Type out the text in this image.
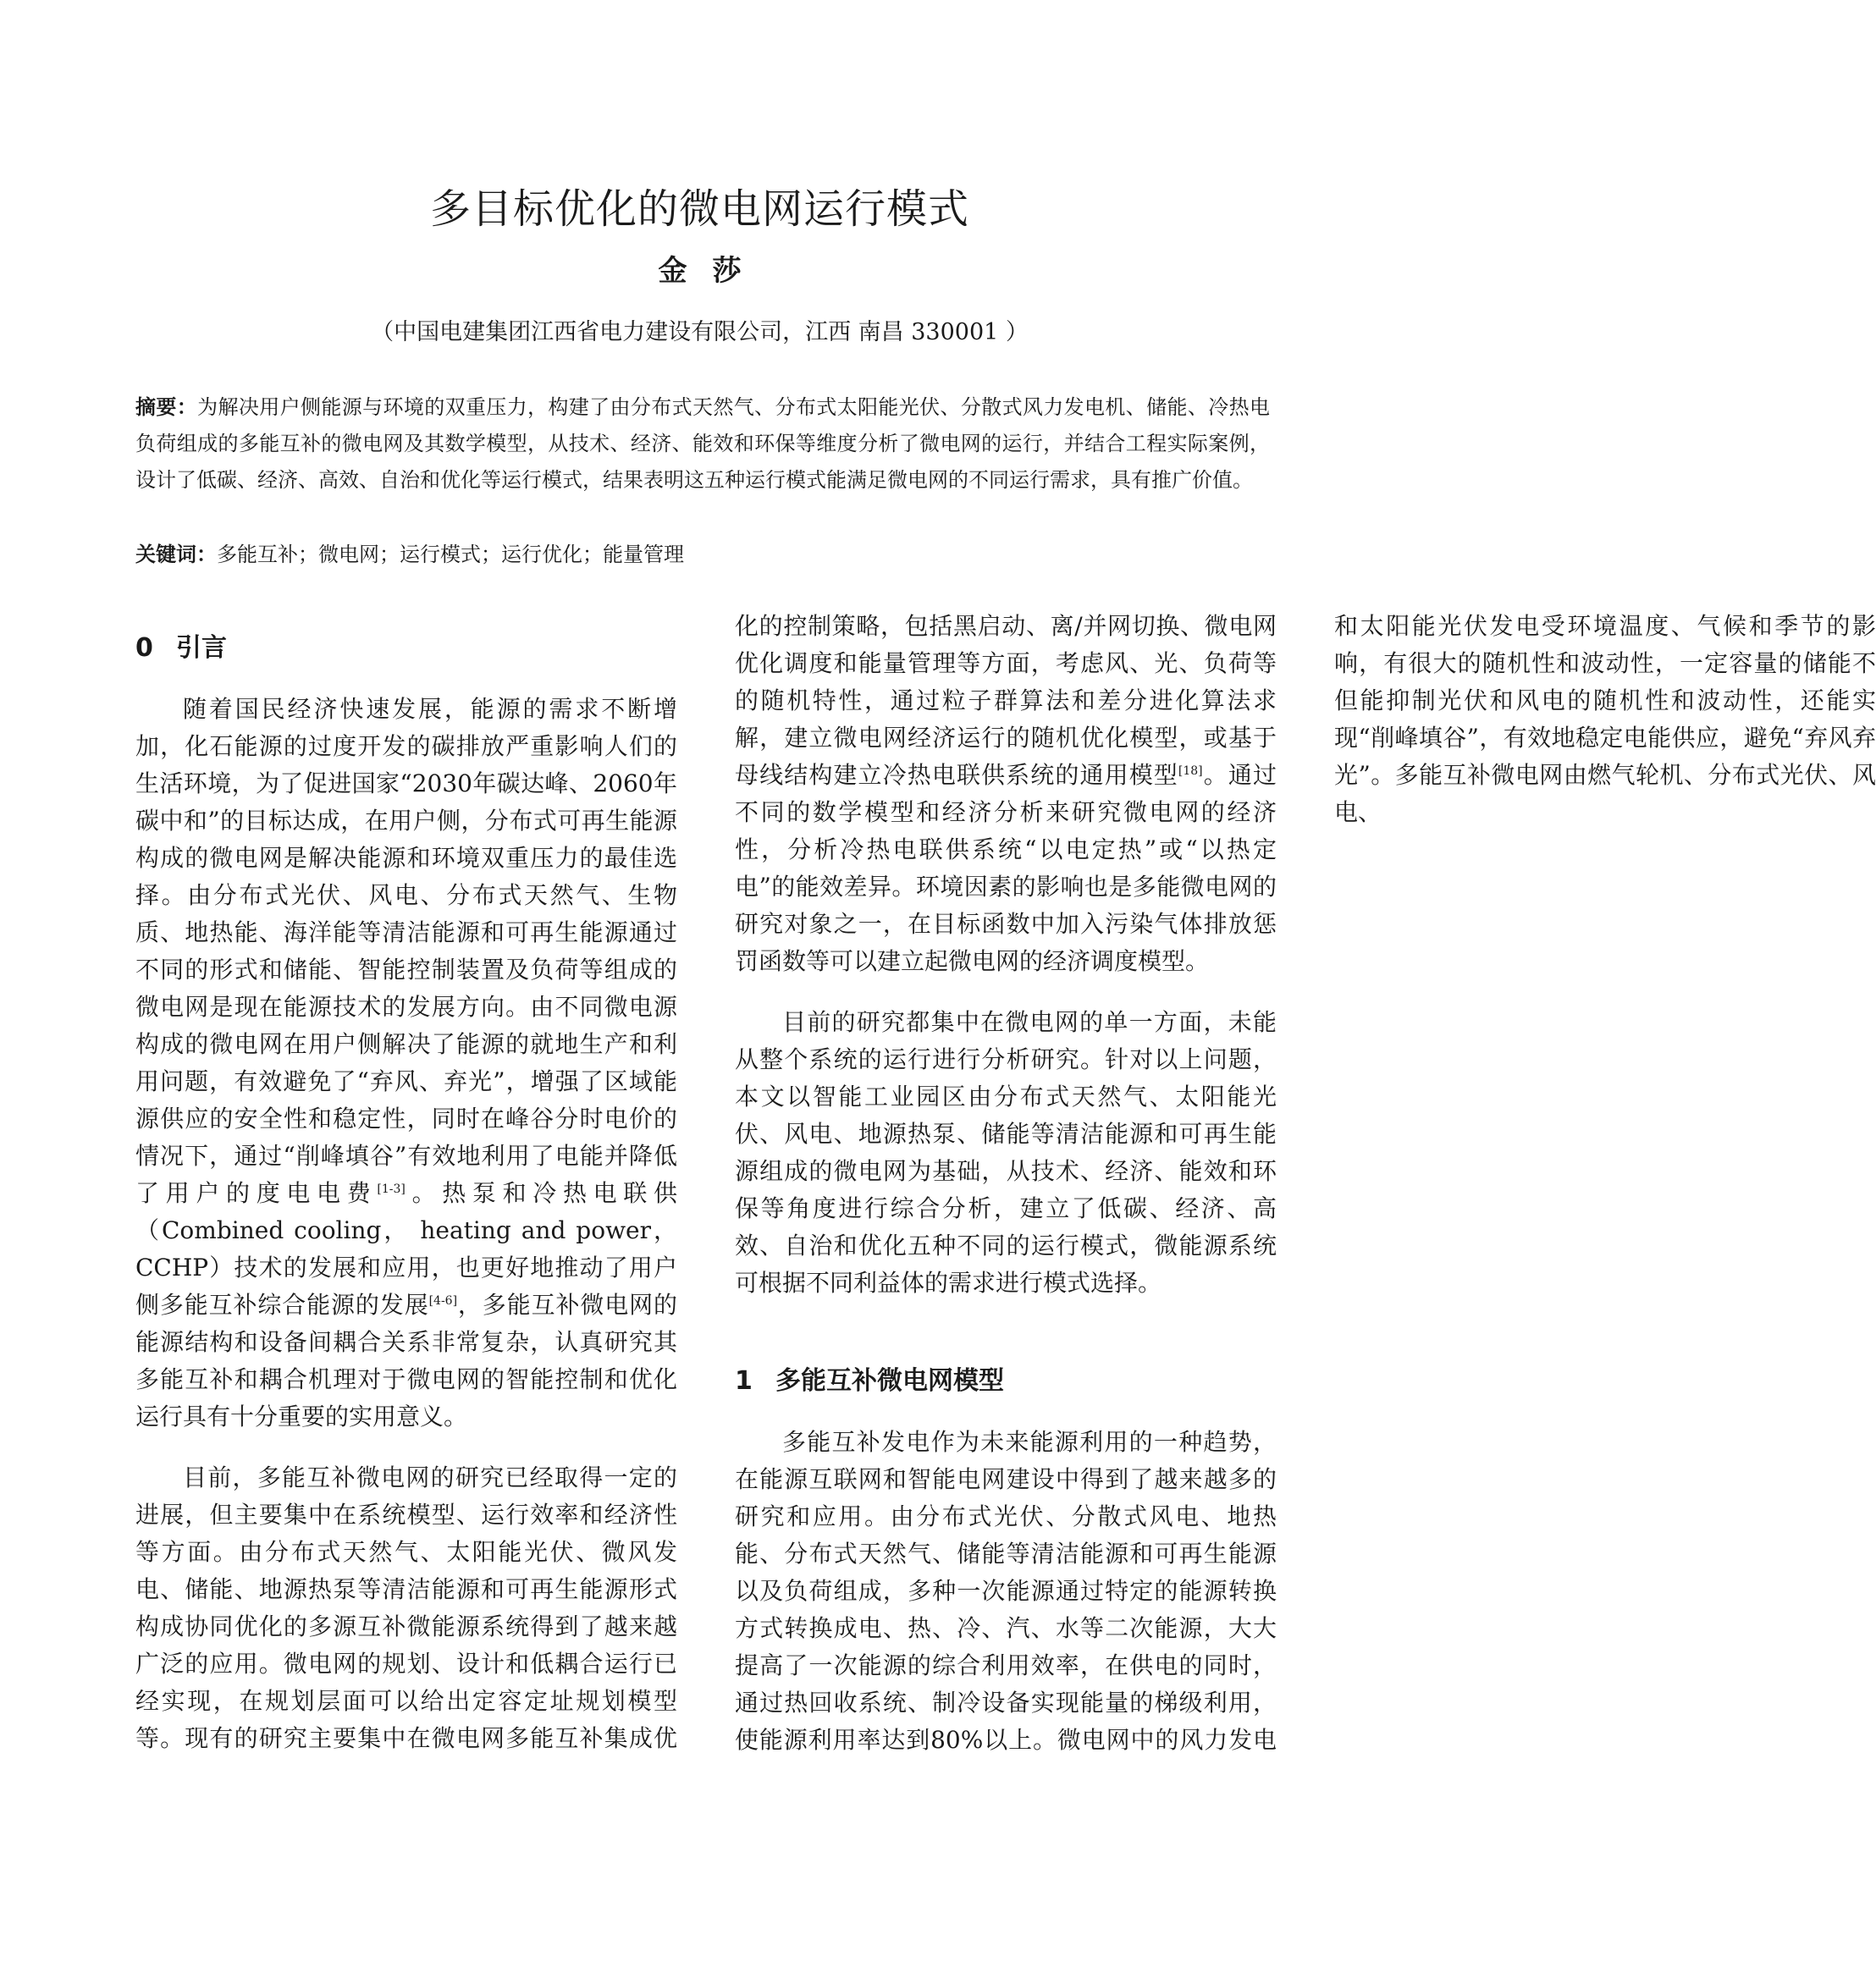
多目标优化的微电网运行模式
金莎
（中国电建集团江西省电力建设有限公司，江西 南昌 330001 ）
摘要：为解决用户侧能源与环境的双重压力，构建了由分布式天然气、分布式太阳能光伏、分散式风力发电机、储能、冷热电负荷组成的多能互补的微电网及其数学模型，从技术、经济、能效和环保等维度分析了微电网的运行，并结合工程实际案例，设计了低碳、经济、高效、自治和优化等运行模式，结果表明这五种运行模式能满足微电网的不同运行需求，具有推广价值。
关键词：多能互补；微电网；运行模式；运行优化；能量管理
0 引言

随着国民经济快速发展，能源的需求不断增加，化石能源的过度开发的碳排放严重影响人们的生活环境，为了促进国家“2030年碳达峰、2060年碳中和”的目标达成，在用户侧，分布式可再生能源构成的微电网是解决能源和环境双重压力的最佳选择。由分布式光伏、风电、分布式天然气、生物质、地热能、海洋能等清洁能源和可再生能源通过不同的形式和储能、智能控制装置及负荷等组成的微电网是现在能源技术的发展方向。由不同微电源构成的微电网在用户侧解决了能源的就地生产和利用问题，有效避免了“弃风、弃光”，增强了区域能源供应的安全性和稳定性，同时在峰谷分时电价的情况下，通过“削峰填谷”有效地利用了电能并降低了用户的度电电费[1-3]。热泵和冷热电联供（Combined cooling， heating and power， CCHP）技术的发展和应用，也更好地推动了用户侧多能互补综合能源的发展[4-6]，多能互补微电网的能源结构和设备间耦合关系非常复杂，认真研究其多能互补和耦合机理对于微电网的智能控制和优化运行具有十分重要的实用意义。

目前，多能互补微电网的研究已经取得一定的进展，但主要集中在系统模型、运行效率和经济性等方面。由分布式天然气、太阳能光伏、微风发电、储能、地源热泵等清洁能源和可再生能源形式构成协同优化的多源互补微能源系统得到了越来越广泛的应用。微电网的规划、设计和低耦合运行已经实现，在规划层面可以给出定容定址规划模型等。现有的研究主要集中在微电网多能互补集成优化的控制策略，包括黑启动、离/并网切换、微电网优化调度和能量管理等方面，考虑风、光、负荷等的随机特性，通过粒子群算法和差分进化算法求解，建立微电网经济运行的随机优化模型，或基于母线结构建立冷热电联供系统的通用模型[18]。通过不同的数学模型和经济分析来研究微电网的经济性，分析冷热电联供系统“以电定热”或“以热定电”的能效差异。环境因素的影响也是多能微电网的研究对象之一，在目标函数中加入污染气体排放惩罚函数等可以建立起微电网的经济调度模型。

目前的研究都集中在微电网的单一方面，未能从整个系统的运行进行分析研究。针对以上问题，本文以智能工业园区由分布式天然气、太阳能光伏、风电、地源热泵、储能等清洁能源和可再生能源组成的微电网为基础，从技术、经济、能效和环保等角度进行综合分析，建立了低碳、经济、高效、自治和优化五种不同的运行模式，微能源系统可根据不同利益体的需求进行模式选择。

1 多能互补微电网模型

多能互补发电作为未来能源利用的一种趋势，在能源互联网和智能电网建设中得到了越来越多的研究和应用。由分布式光伏、分散式风电、地热能、分布式天然气、储能等清洁能源和可再生能源以及负荷组成，多种一次能源通过特定的能源转换方式转换成电、热、冷、汽、水等二次能源，大大提高了一次能源的综合利用效率，在供电的同时，通过热回收系统、制冷设备实现能量的梯级利用，使能源利用率达到80%以上。微电网中的风力发电和太阳能光伏发电受环境温度、气候和季节的影响，有很大的随机性和波动性，一定容量的储能不但能抑制光伏和风电的随机性和波动性，还能实现“削峰填谷”，有效地稳定电能供应，避免“弃风弃光”。多能互补微电网由燃气轮机、分布式光伏、风电、
